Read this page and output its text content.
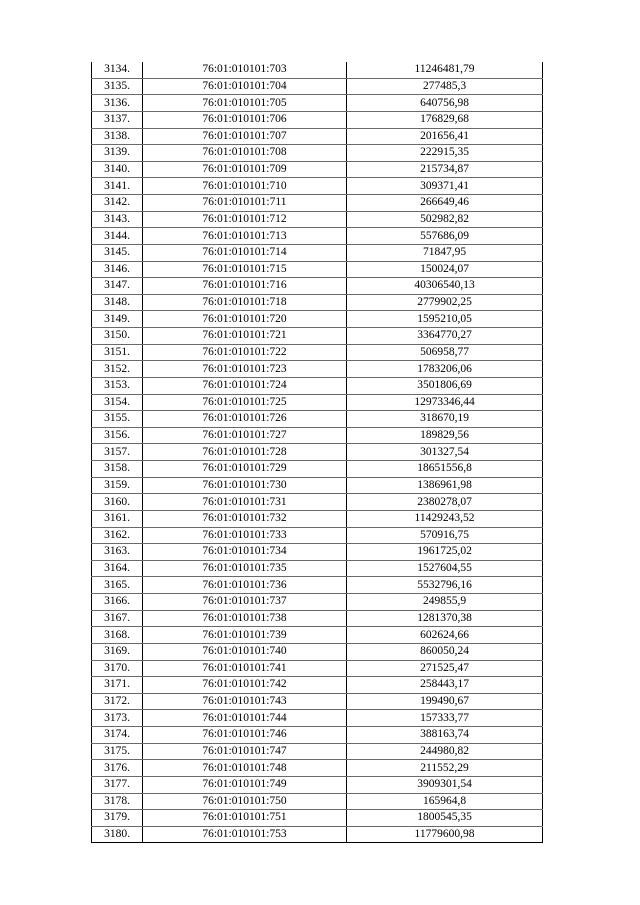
3134.	76:01:010101:703	11246481,79
3135.	76:01:010101:704	277485,3
3136.	76:01:010101:705	640756,98
3137.	76:01:010101:706	176829,68
3138.	76:01:010101:707	201656,41
3139.	76:01:010101:708	222915,35
3140.	76:01:010101:709	215734,87
3141.	76:01:010101:710	309371,41
3142.	76:01:010101:711	266649,46
3143.	76:01:010101:712	502982,82
3144.	76:01:010101:713	557686,09
3145.	76:01:010101:714	71847,95
3146.	76:01:010101:715	150024,07
3147.	76:01:010101:716	40306540,13
3148.	76:01:010101:718	2779902,25
3149.	76:01:010101:720	1595210,05
3150.	76:01:010101:721	3364770,27
3151.	76:01:010101:722	506958,77
3152.	76:01:010101:723	1783206,06
3153.	76:01:010101:724	3501806,69
3154.	76:01:010101:725	12973346,44
3155.	76:01:010101:726	318670,19
3156.	76:01:010101:727	189829,56
3157.	76:01:010101:728	301327,54
3158.	76:01:010101:729	18651556,8
3159.	76:01:010101:730	1386961,98
3160.	76:01:010101:731	2380278,07
3161.	76:01:010101:732	11429243,52
3162.	76:01:010101:733	570916,75
3163.	76:01:010101:734	1961725,02
3164.	76:01:010101:735	1527604,55
3165.	76:01:010101:736	5532796,16
3166.	76:01:010101:737	249855,9
3167.	76:01:010101:738	1281370,38
3168.	76:01:010101:739	602624,66
3169.	76:01:010101:740	860050,24
3170.	76:01:010101:741	271525,47
3171.	76:01:010101:742	258443,17
3172.	76:01:010101:743	199490,67
3173.	76:01:010101:744	157333,77
3174.	76:01:010101:746	388163,74
3175.	76:01:010101:747	244980,82
3176.	76:01:010101:748	211552,29
3177.	76:01:010101:749	3909301,54
3178.	76:01:010101:750	165964,8
3179.	76:01:010101:751	1800545,35
3180.	76:01:010101:753	11779600,98
